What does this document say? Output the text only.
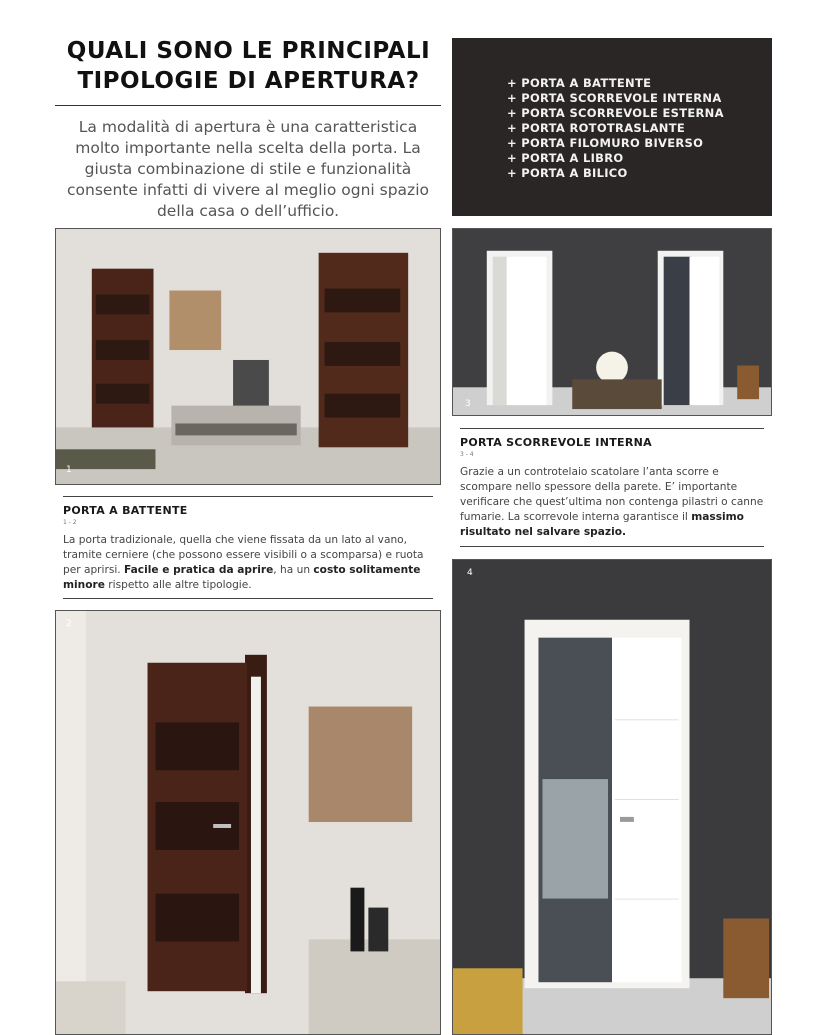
QUALI SONO LE PRINCIPALI
TIPOLOGIE DI APERTURA?
La modalità di apertura è una caratteristica molto importante nella scelta della porta. La giusta combinazione di stile e funzionalità consente infatti di vivere al meglio ogni spazio della casa o dell’ufficio.
+ PORTA A BATTENTE
+ PORTA SCORREVOLE INTERNA
+ PORTA SCORREVOLE ESTERNA
+ PORTA ROTOTRASLANTE
+ PORTA FILOMURO BIVERSO
+ PORTA A LIBRO
+ PORTA A BILICO
1
PORTA A BATTENTE
1 - 2
La porta tradizionale, quella che viene fissata da un lato al vano, tramite cerniere (che possono essere visibili o a scomparsa) e ruota per aprirsi. Facile e pratica da aprire, ha un costo solitamente minore rispetto alle altre tipologie.
2
3
PORTA SCORREVOLE INTERNA
3 - 4
Grazie a un controtelaio scatolare l’anta scorre e scompare nello spessore della parete. E’ importante verificare che quest’ultima non contenga pilastri o canne fumarie. La scorrevole interna garantisce il massimo risultato nel salvare spazio.
4
